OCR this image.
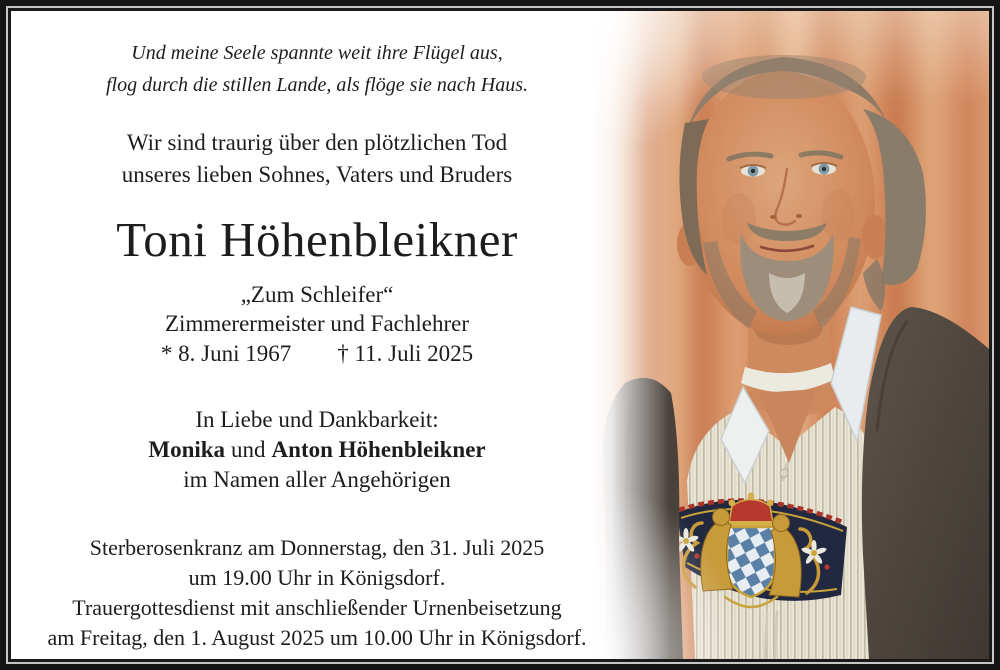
Und meine Seele spannte weit ihre Flügel aus,
flog durch die stillen Lande, als flöge sie nach Haus.
Wir sind traurig über den plötzlichen Tod
unseres lieben Sohnes, Vaters und Bruders
Toni Höhenbleikner
„Zum Schleifer“
Zimmerermeister und Fachlehrer
* 8. Juni 1967 † 11. Juli 2025
In Liebe und Dankbarkeit:
Monika und Anton Höhenbleikner
im Namen aller Angehörigen
Sterberosenkranz am Donnerstag, den 31. Juli 2025
um 19.00 Uhr in Königsdorf.
Trauergottesdienst mit anschließender Urnenbeisetzung
am Freitag, den 1. August 2025 um 10.00 Uhr in Königsdorf.
